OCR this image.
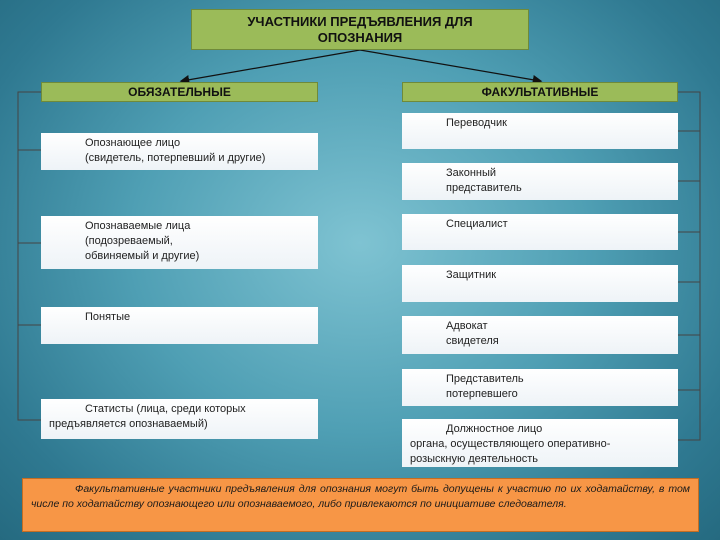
УЧАСТНИКИ ПРЕДЪЯВЛЕНИЯ ДЛЯ ОПОЗНАНИЯ
ОБЯЗАТЕЛЬНЫЕ	ФАКУЛЬТАТИВНЫЕ
Опознающее лицо
(свидетель, потерпевший и другие)
Опознаваемые лица
(подозреваемый,
обвиняемый и другие)
Понятые
Статисты (лица, среди которых
предъявляется опознаваемый)
Переводчик
Законный
представитель
Специалист
Защитник
Адвокат
свидетеля
Представитель
потерпевшего
Должностное лицо
органа, осуществляющего оперативно-
розыскную деятельность
Факультативные участники предъявления для опознания могут быть допущены к участию по их ходатайству, в том числе по ходатайству опознающего или опознаваемого, либо привлекаются по инициативе следователя.
